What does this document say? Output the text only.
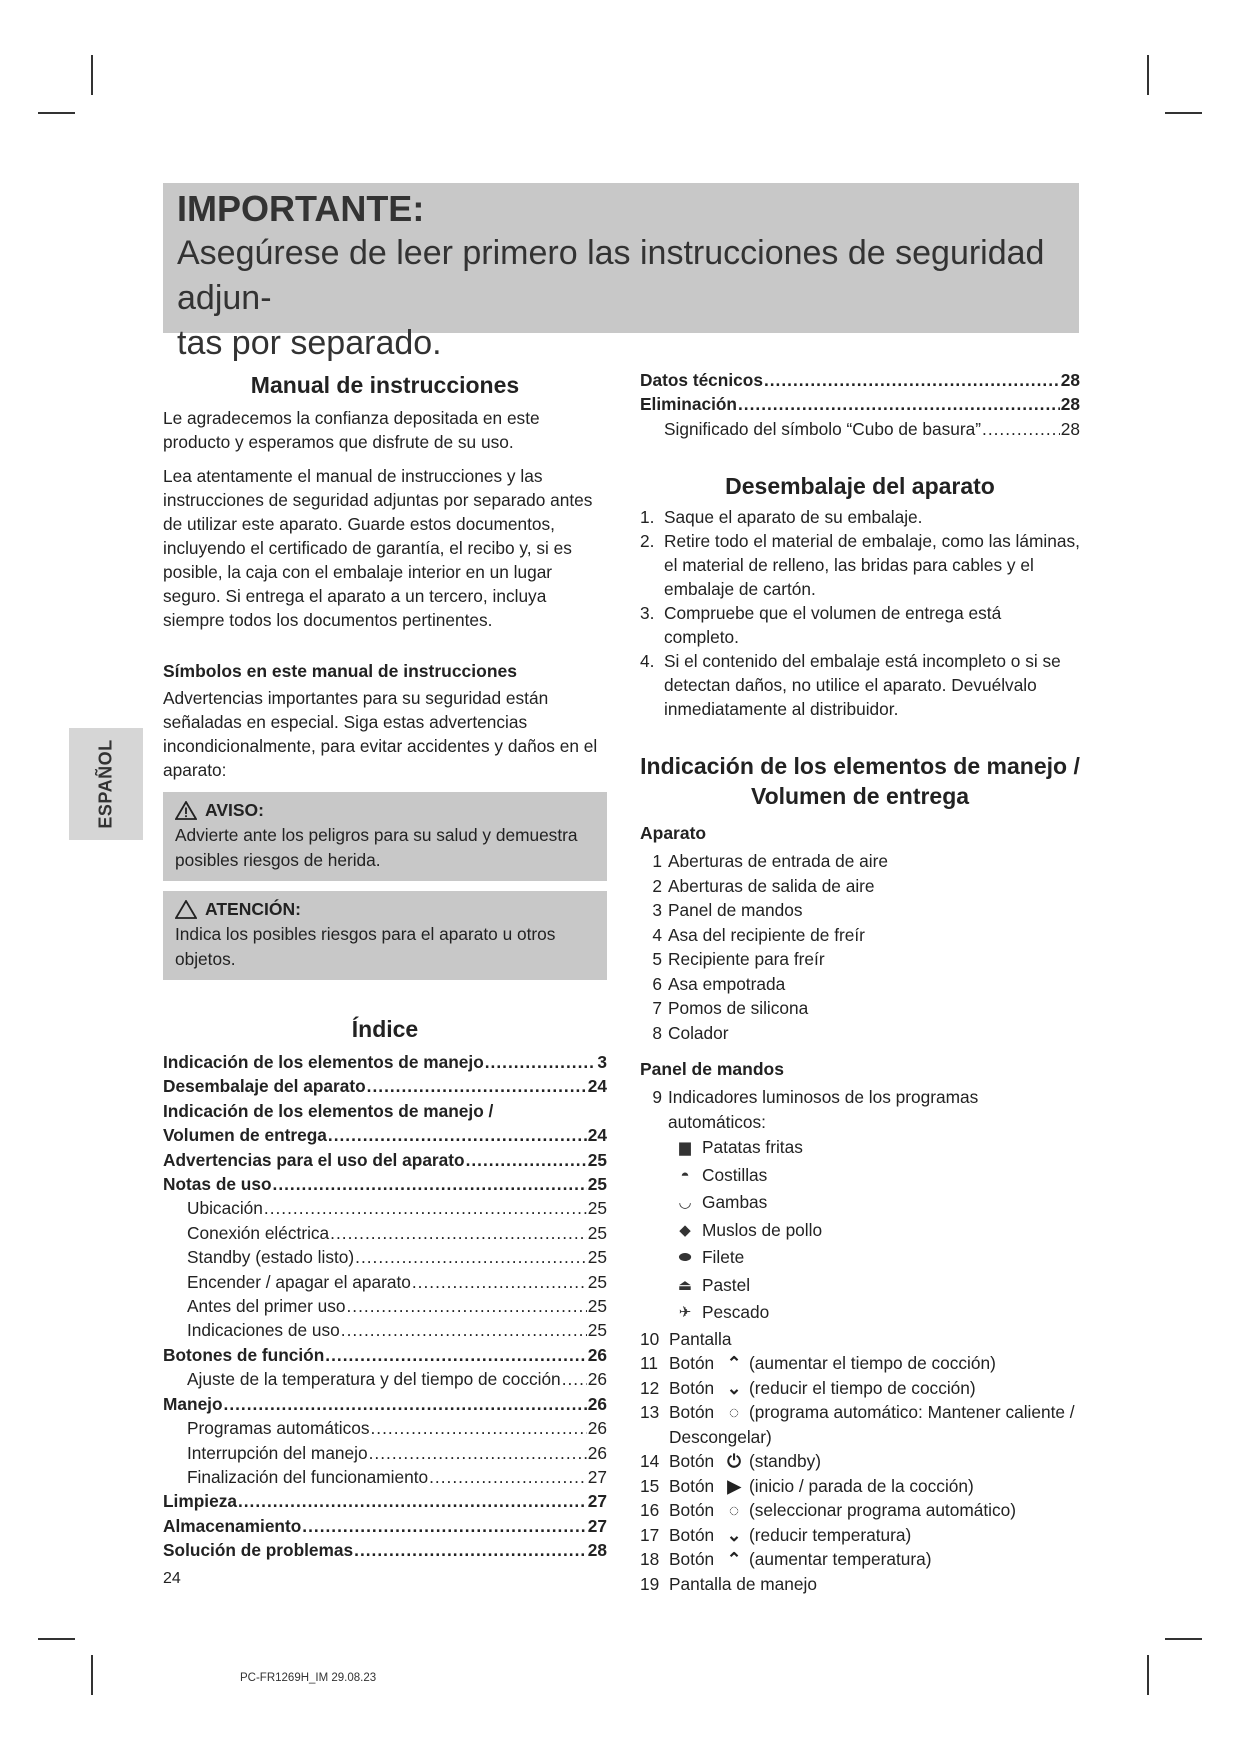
IMPORTANTE:
Asegúrese de leer primero las instrucciones de seguridad adjun-
tas por separado.
ESPAÑOL
Manual de instrucciones
Le agradecemos la confianza depositada en este producto y esperamos que disfrute de su uso.
Lea atentamente el manual de instrucciones y las instrucciones de seguridad adjuntas por separado antes de utilizar este aparato. Guarde estos documentos, incluyendo el certificado de garantía, el recibo y, si es posible, la caja con el embalaje interior en un lugar seguro. Si entrega el aparato a un tercero, incluya siempre todos los documentos pertinentes.
Símbolos en este manual de instrucciones
Advertencias importantes para su seguridad están señaladas en especial. Siga estas advertencias incondicionalmente, para evitar accidentes y daños en el aparato:
AVISO:
Advierte ante los peligros para su salud y demuestra posibles riesgos de herida.
ATENCIÓN:
Indica los posibles riesgos para el aparato u otros objetos.
Índice
Indicación de los elementos de manejo .....	3
Desembalaje del aparato .....	24
Indicación de los elementos de manejo /
Volumen de entrega .....	24
Advertencias para el uso del aparato .....	25
Notas de uso .....	25
Ubicación .....	25
Conexión eléctrica .....	25
Standby (estado listo) .....	25
Encender / apagar el aparato .....	25
Antes del primer uso .....	25
Indicaciones de uso .....	25
Botones de función .....	26
Ajuste de la temperatura y del tiempo de cocción ..... 26
Manejo .....	26
Programas automáticos .....	26
Interrupción del manejo .....	26
Finalización del funcionamiento .....	27
Limpieza .....	27
Almacenamiento .....	27
Solución de problemas .....	28
Datos técnicos .....	28
Eliminación .....	28
Significado del símbolo “Cubo de basura” .....	28
Desembalaje del aparato
1. Saque el aparato de su embalaje.
2. Retire todo el material de embalaje, como las láminas, el material de relleno, las bridas para cables y el embalaje de cartón.
3. Compruebe que el volumen de entrega está completo.
4. Si el contenido del embalaje está incompleto o si se detectan daños, no utilice el aparato. Devuélvalo inmediatamente al distribuidor.
Indicación de los elementos de manejo /
Volumen de entrega
Aparato
1 Aberturas de entrada de aire
2 Aberturas de salida de aire
3 Panel de mandos
4 Asa del recipiente de freír
5 Recipiente para freír
6 Asa empotrada
7 Pomos de silicona
8 Colador
Panel de mandos
9 Indicadores luminosos de los programas automáticos:
▆ Patatas fritas
◓ Costillas
◡ Gambas
◆ Muslos de pollo
⬬ Filete
⏏ Pastel
✈ Pescado
10 Pantalla
11 Botón ⌃ (aumentar el tiempo de cocción)
12 Botón ⌄ (reducir el tiempo de cocción)
13 Botón ◌ (programa automático: Mantener caliente / Descongelar)
14 Botón ⏻ (standby)
15 Botón ▶ (inicio / parada de la cocción)
16 Botón ◌ (seleccionar programa automático)
17 Botón ⌄ (reducir temperatura)
18 Botón ⌃ (aumentar temperatura)
19 Pantalla de manejo
24
PC-FR1269H_IM 29.08.23
